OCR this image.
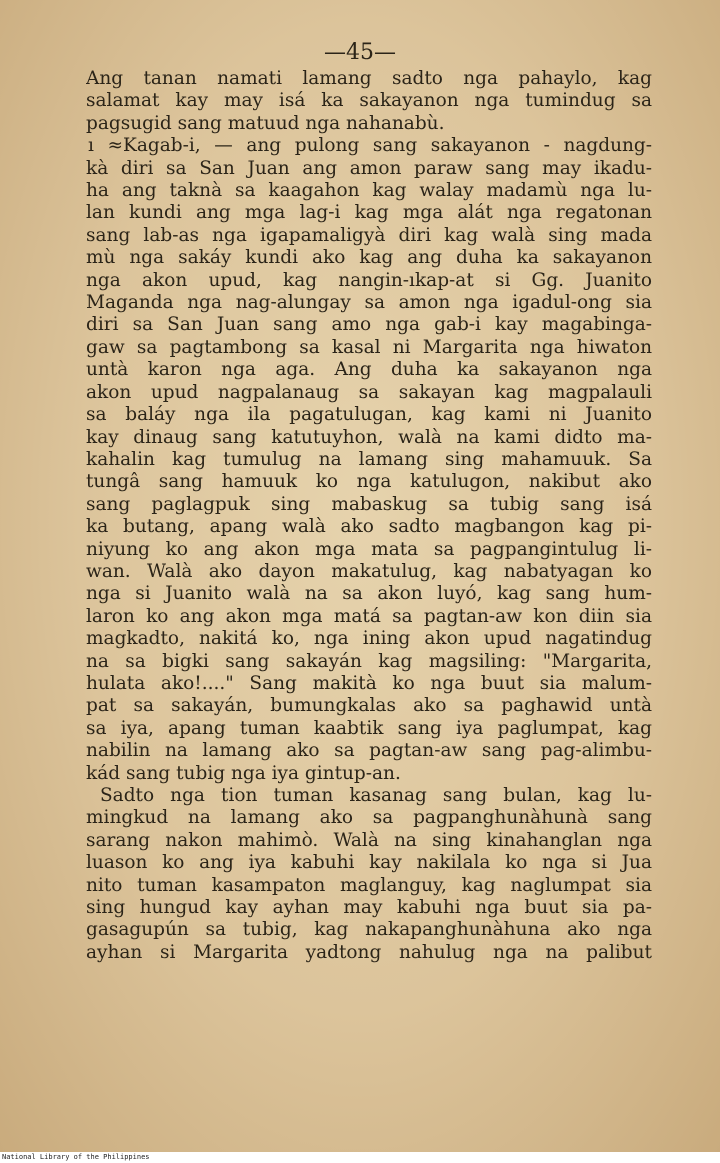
—45—
Ang tanan namati lamang sadto nga pahaylo, kag
salamat kay may isá ka sakayanon nga tumindug sa
pagsugid sang matuud nga nahanabù.
ı ≈Kagab-i, — ang pulong sang sakayanon - nagdung-
kà diri sa San Juan ang amon paraw sang may ikadu-
ha ang taknà sa kaagahon kag walay madamù nga lu-
lan kundi ang mga lag-i kag mga alát nga regatonan
sang lab-as nga igapamaligyà diri kag walà sing mada
mù nga sakáy kundi ako kag ang duha ka sakayanon
nga akon upud, kag nangin-ıkap-at si Gg. Juanito
Maganda nga nag-alungay sa amon nga igadul-ong sia
diri sa San Juan sang amo nga gab-i kay magabinga-
gaw sa pagtambong sa kasal ni Margarita nga hiwaton
untà karon nga aga. Ang duha ka sakayanon nga
akon upud nagpalanaug sa sakayan kag magpalauli
sa baláy nga ila pagatulugan, kag kami ni Juanito
kay dinaug sang katutuyhon, walà na kami didto ma-
kahalin kag tumulug na lamang sing mahamuuk. Sa
tungâ sang hamuuk ko nga katulugon, nakibut ako
sang paglagpuk sing mabaskug sa tubig sang isá
ka butang, apang walà ako sadto magbangon kag pi-
niyung ko ang akon mga mata sa pagpangintulug li-
wan. Walà ako dayon makatulug, kag nabatyagan ko
nga si Juanito walà na sa akon luyó, kag sang hum-
laron ko ang akon mga matá sa pagtan-aw kon diin sia
magkadto, nakitá ko, nga ining akon upud nagatindug
na sa bigki sang sakayán kag magsiling: "Margarita,
hulata ako!...." Sang makità ko nga buut sia malum-
pat sa sakayán, bumungkalas ako sa paghawid untà
sa iya, apang tuman kaabtik sang iya paglumpat, kag
nabilin na lamang ako sa pagtan-aw sang pag-alimbu-
kád sang tubig nga iya gintup-an.
Sadto nga tion tuman kasanag sang bulan, kag lu-
mingkud na lamang ako sa pagpanghunàhunà sang
sarang nakon mahimò. Walà na sing kinahanglan nga
luason ko ang iya kabuhi kay nakilala ko nga si Jua
nito tuman kasampaton maglanguy, kag naglumpat sia
sing hungud kay ayhan may kabuhi nga buut sia pa-
gasagupún sa tubig, kag nakapanghunàhuna ako nga
ayhan si Margarita yadtong nahulug nga na palibut
National Library of the Philippines
